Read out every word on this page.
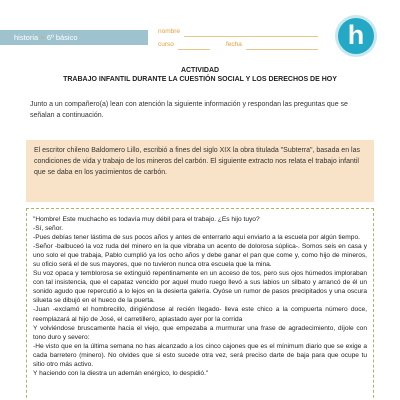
historia • 6º básico
nombre
curso	fecha	h
ACTIVIDAD
TRABAJO INFANTIL DURANTE LA CUESTIÓN SOCIAL Y LOS DERECHOS DE HOY
Junto a un compañero(a) lean con atención la siguiente información y respondan las preguntas que se señalan a continuación.

El escritor chileno Baldomero Lillo, escribió a fines del siglo XIX la obra titulada "Subterra", basada en las condiciones de vida y trabajo de los mineros del carbón. El siguiente extracto nos relata el trabajo infantil que se daba en los yacimientos de carbón.

"Hombre! Este muchacho es todavía muy débil para el trabajo. ¿Es hijo tuyo?

-Sí, señor.

-Pues debías tener lástima de sus pocos años y antes de enterrarlo aquí enviarlo a la escuela por algún tiempo.

-Señor -balbuceó la voz ruda del minero en la que vibraba un acento de dolorosa súplica-. Somos seis en casa y uno solo el que trabaja, Pablo cumplió ya los ocho años y debe ganar el pan que come y, como hijo de mineros, su oficio será el de sus mayores, que no tuvieron nunca otra escuela que la mina.

Su voz opaca y temblorosa se extinguió repentinamente en un acceso de tos, pero sus ojos húmedos imploraban con tal insistencia, que el capataz vencido por aquel mudo ruego llevó a sus labios un silbato y arrancó de él un sonido agudo que repercutió a lo lejos en la desierta galería. Oyóse un rumor de pasos precipitados y una oscura silueta se dibujó en el hueco de la puerta.

-Juan -exclamó el hombrecillo, dirigiéndose al recién llegado- lleva este chico a la compuerta número doce, reemplazará al hijo de José, el carretillero, aplastado ayer por la corrida

Y volviéndose bruscamente hacia el viejo, que empezaba a murmurar una frase de agradecimiento, díjole con tono duro y severo:

-He visto que en la última semana no has alcanzado a los cinco cajones que es el mínimum diario que se exige a cada barretero (minero). No olvides que si esto sucede otra vez, será preciso darte de baja para que ocupe tu sitio otro más activo.

Y haciendo con la diestra un ademán enérgico, lo despidió."
